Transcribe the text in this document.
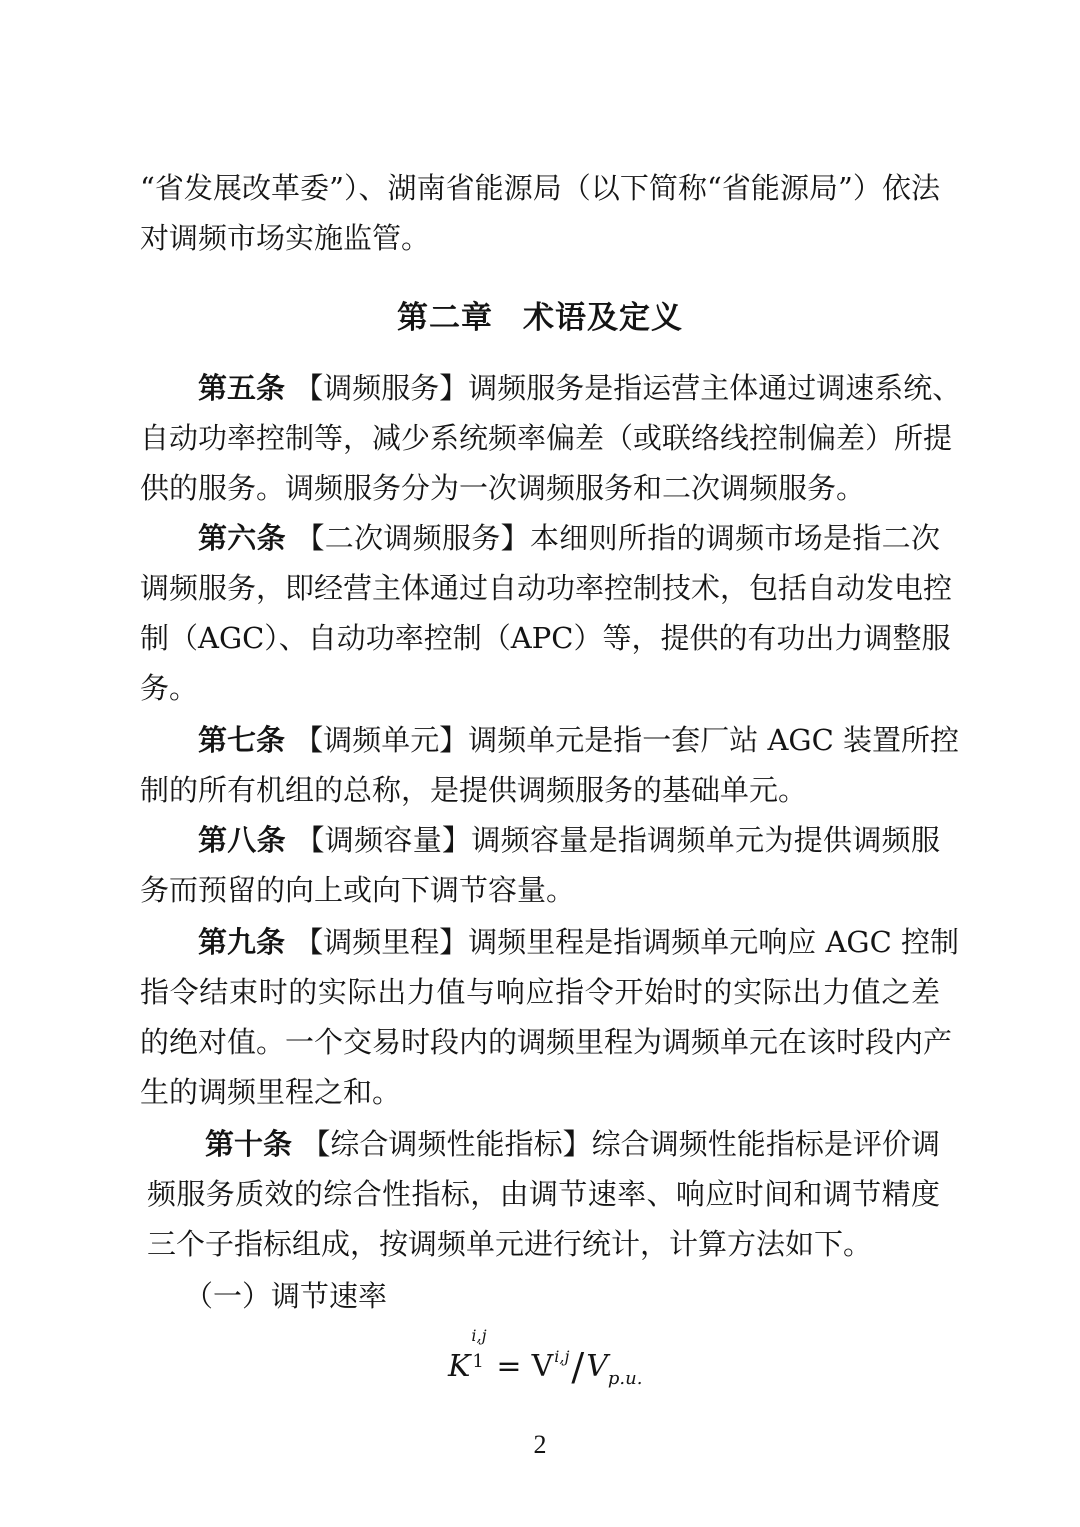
“省发展改革委”）、湖南省能源局（以下简称“省能源局”）依法
对调频市场实施监管。
第二章 术语及定义
第五条 【调频服务】调频服务是指运营主体通过调速系统、
自动功率控制等，减少系统频率偏差（或联络线控制偏差）所提
供的服务。调频服务分为一次调频服务和二次调频服务。
第六条 【二次调频服务】本细则所指的调频市场是指二次
调频服务，即经营主体通过自动功率控制技术，包括自动发电控
制（AGC）、自动功率控制（APC）等，提供的有功出力调整服
务。
第七条 【调频单元】调频单元是指一套厂站 AGC 装置所控
制的所有机组的总称，是提供调频服务的基础单元。
第八条 【调频容量】调频容量是指调频单元为提供调频服
务而预留的向上或向下调节容量。
第九条 【调频里程】调频里程是指调频单元响应 AGC 控制
指令结束时的实际出力值与响应指令开始时的实际出力值之差
的绝对值。一个交易时段内的调频里程为调频单元在该时段内产
生的调频里程之和。
第十条 【综合调频性能指标】综合调频性能指标是评价调
频服务质效的综合性指标，由调节速率、响应时间和调节精度
三个子指标组成，按调频单元进行统计，计算方法如下。
（一）调节速率
K
i,j
$1 = V^{i,j}/V_{p.u.}$
2
